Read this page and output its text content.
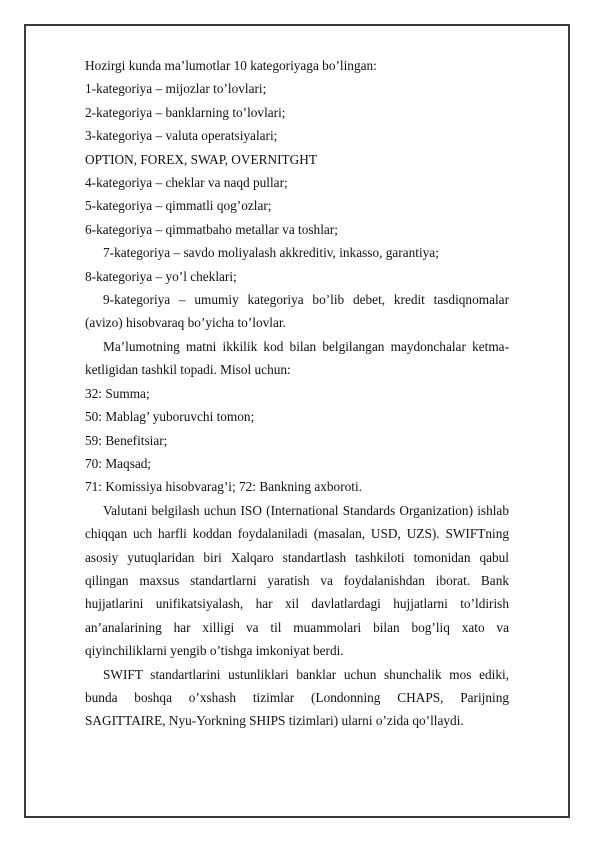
Hozirgi kunda ma’lumotlar 10 kategoriyaga bo’lingan:

1-kategoriya – mijozlar to’lovlari;

2-kategoriya – banklarning to’lovlari;

3-kategoriya – valuta operatsiyalari;

OPTION, FOREX, SWAP, OVERNITGHT

4-kategoriya – cheklar va naqd pullar;

5-kategoriya – qimmatli qog’ozlar;

6-kategoriya – qimmatbaho metallar va toshlar;

7-kategoriya – savdo moliyalash akkreditiv, inkasso, garantiya;

8-kategoriya – yo’l cheklari;

9-kategoriya – umumiy kategoriya bo’lib debet, kredit tasdiqnomalar (avizo) hisobvaraq bo’yicha to’lovlar.

Ma’lumotning matni ikkilik kod bilan belgilangan maydonchalar ketma-ketligidan tashkil topadi. Misol uchun:

32: Summa;

50: Mablag’ yuboruvchi tomon;

59: Benefitsiar;

70: Maqsad;

71: Komissiya hisobvarag’i; 72: Bankning axboroti.

Valutani belgilash uchun ISO (International Standards Organization) ishlab chiqqan uch harfli koddan foydalaniladi (masalan, USD, UZS). SWIFTning asosiy yutuqlaridan biri Xalqaro standartlash tashkiloti tomonidan qabul qilingan maxsus standartlarni yaratish va foydalanishdan iborat. Bank hujjatlarini unifikatsiyalash, har xil davlatlardagi hujjatlarni to’ldirish an’analarining har xilligi va til muammolari bilan bog’liq xato va qiyinchiliklarni yengib o’tishga imkoniyat berdi.

SWIFT standartlarini ustunliklari banklar uchun shunchalik mos ediki, bunda boshqa o’xshash tizimlar (Londonning CHAPS, Parijning SAGITTAIRE, Nyu-Yorkning SHIPS tizimlari) ularni o’zida qo’llaydi.
